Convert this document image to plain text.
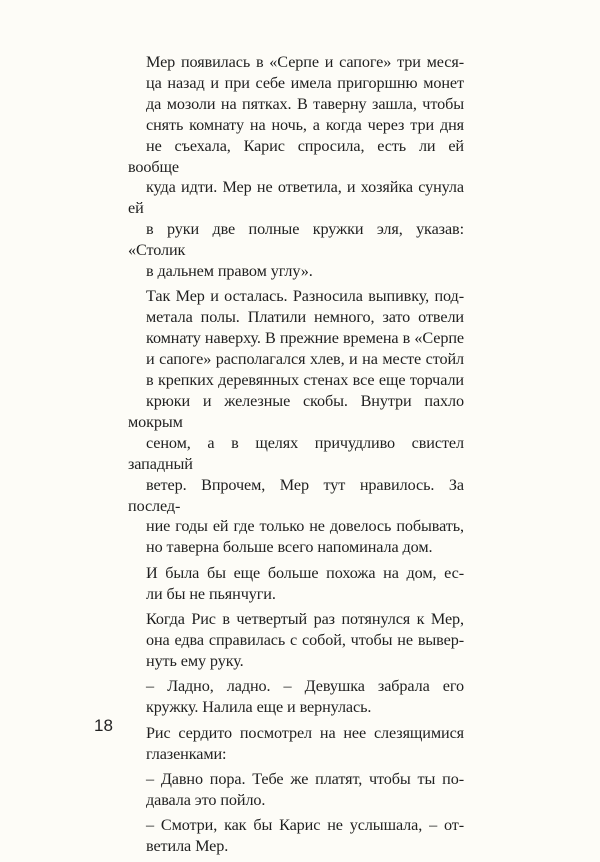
Мер появилась в «Серпе и сапоге» три меся-
ца назад и при себе имела пригоршню монет
да мозоли на пятках. В таверну зашла, чтобы
снять комнату на ночь, а когда через три дня
не съехала, Карис спросила, есть ли ей вообще
куда идти. Мер не ответила, и хозяйка сунула ей
в руки две полные кружки эля, указав: «Столик
в дальнем правом углу».

Так Мер и осталась. Разносила выпивку, под-
метала полы. Платили немного, зато отвели
комнату наверху. В прежние времена в «Серпе
и сапоге» располагался хлев, и на месте стойл
в крепких деревянных стенах все еще торчали
крюки и железные скобы. Внутри пахло мокрым
сеном, а в щелях причудливо свистел западный
ветер. Впрочем, Мер тут нравилось. За послед-
ние годы ей где только не довелось побывать,
но таверна больше всего напоминала дом.

И была бы еще больше похожа на дом, ес-
ли бы не пьянчуги.

Когда Рис в четвертый раз потянулся к Мер,
она едва справилась с собой, чтобы не вывер-
нуть ему руку.

– Ладно, ладно. – Девушка забрала его
кружку. Налила еще и вернулась.

Рис сердито посмотрел на нее слезящимися
глазенками:

– Давно пора. Тебе же платят, чтобы ты по-
давала это пойло.

– Смотри, как бы Карис не услышала, – от-
ветила Мер.

18
